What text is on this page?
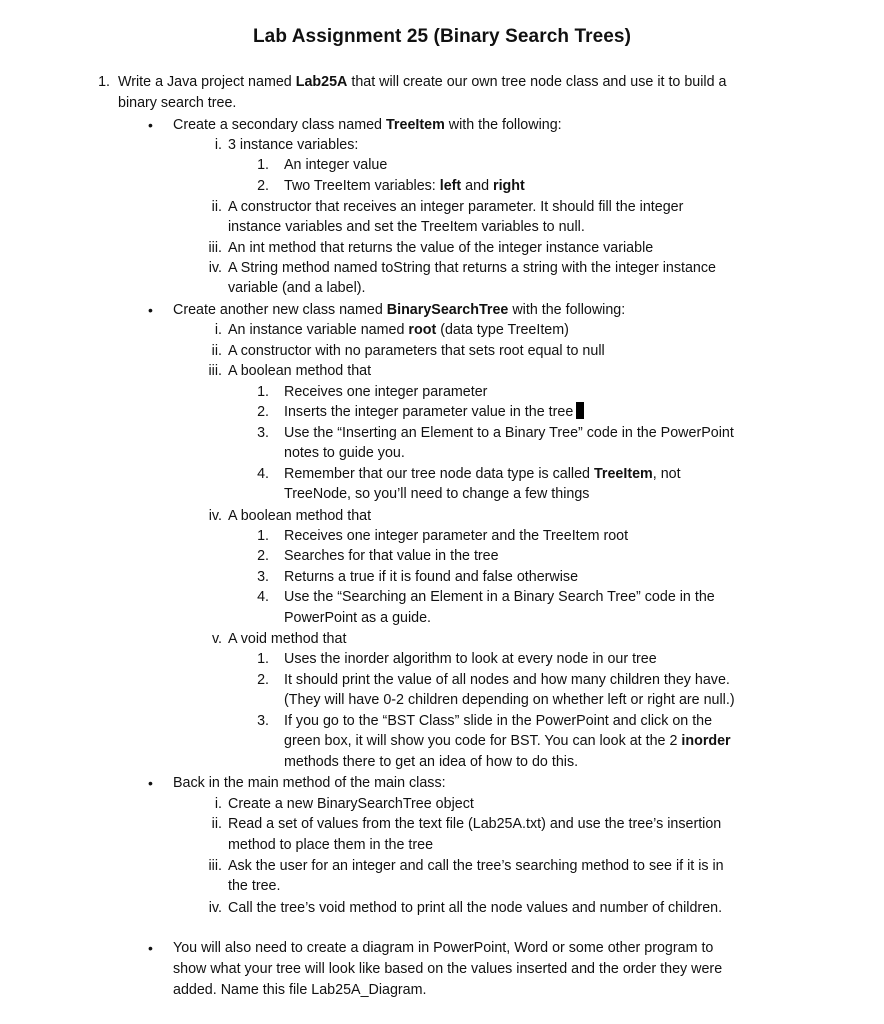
Lab Assignment 25 (Binary Search Trees)
1. Write a Java project named Lab25A that will create our own tree node class and use it to build a
binary search tree.
• Create a secondary class named TreeItem with the following:
i. 3 instance variables:
1. An integer value
2. Two TreeItem variables: left and right
ii. A constructor that receives an integer parameter. It should fill the integer
instance variables and set the TreeItem variables to null.
iii. An int method that returns the value of the integer instance variable
iv. A String method named toString that returns a string with the integer instance
variable (and a label).
• Create another new class named BinarySearchTree with the following:
i. An instance variable named root (data type TreeItem)
ii. A constructor with no parameters that sets root equal to null
iii. A boolean method that
1. Receives one integer parameter
2. Inserts the integer parameter value in the tree
3. Use the “Inserting an Element to a Binary Tree” code in the PowerPoint
notes to guide you.
4. Remember that our tree node data type is called TreeItem, not
TreeNode, so you’ll need to change a few things
iv. A boolean method that
1. Receives one integer parameter and the TreeItem root
2. Searches for that value in the tree
3. Returns a true if it is found and false otherwise
4. Use the “Searching an Element in a Binary Search Tree” code in the
PowerPoint as a guide.
v. A void method that
1. Uses the inorder algorithm to look at every node in our tree
2. It should print the value of all nodes and how many children they have.
(They will have 0-2 children depending on whether left or right are null.)
3. If you go to the “BST Class” slide in the PowerPoint and click on the
green box, it will show you code for BST. You can look at the 2 inorder
methods there to get an idea of how to do this.
• Back in the main method of the main class:
i. Create a new BinarySearchTree object
ii. Read a set of values from the text file (Lab25A.txt) and use the tree’s insertion
method to place them in the tree
iii. Ask the user for an integer and call the tree’s searching method to see if it is in
the tree.
iv. Call the tree’s void method to print all the node values and number of children.
• You will also need to create a diagram in PowerPoint, Word or some other program to
show what your tree will look like based on the values inserted and the order they were
added. Name this file Lab25A_Diagram.
